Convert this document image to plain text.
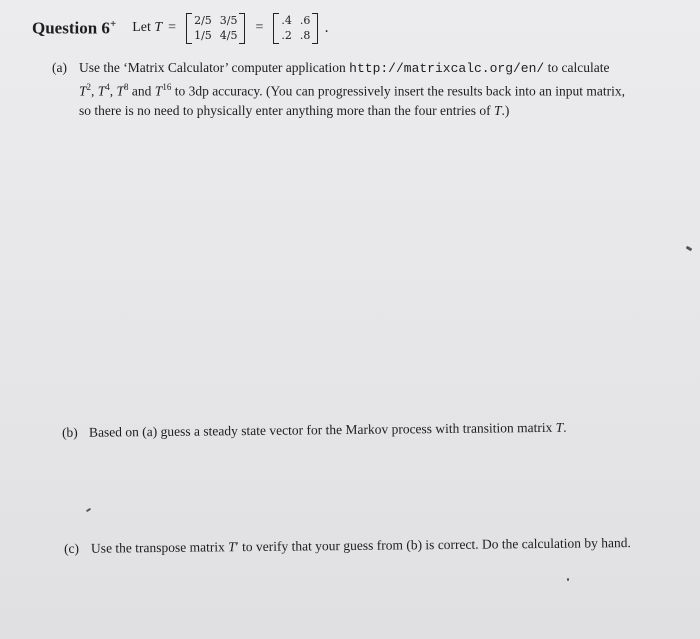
Question 6+ Let T = 2/5 3/5
1/5 4/5 = .4 .6
.2 .8 .
(a) Use the ‘Matrix Calculator’ computer application http://matrixcalc.org/en/ to calculate $T^2$, $T^4$, $T^8$ and $T^{16}$ to 3dp accuracy. (You can progressively insert the results back into an input matrix, so there is no need to physically enter anything more than the four entries of T.)
(b) Based on (a) guess a steady state vector for the Markov process with transition matrix T.
(c) Use the transpose matrix T′ to verify that your guess from (b) is correct. Do the calculation by hand.
